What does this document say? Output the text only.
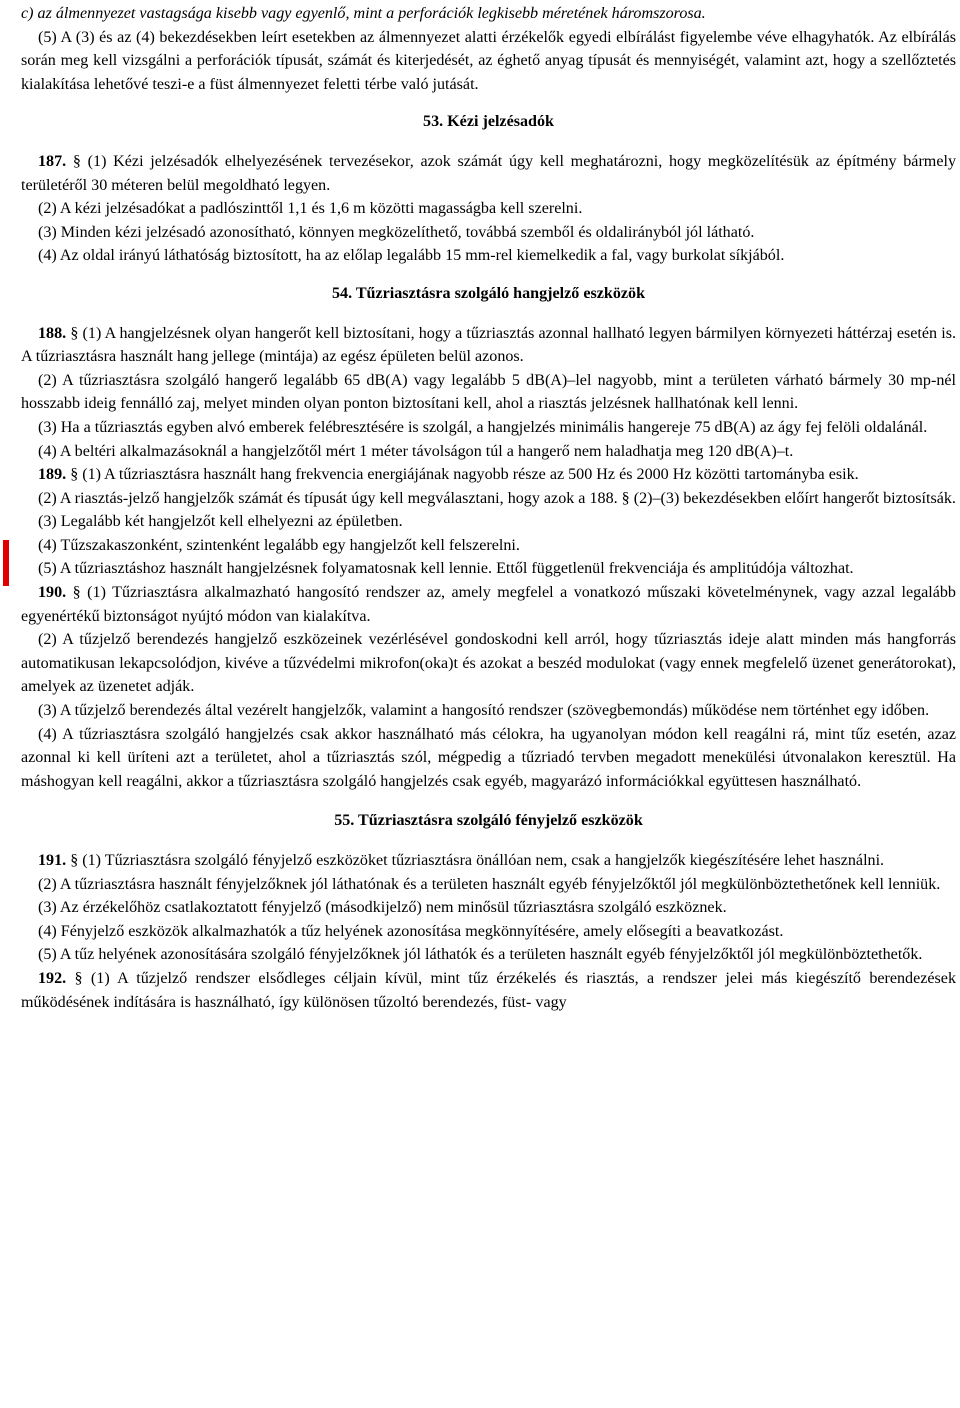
c) az álmennyezet vastagsága kisebb vagy egyenlő, mint a perforációk legkisebb méretének háromszorosa.

(5) A (3) és az (4) bekezdésekben leírt esetekben az álmennyezet alatti érzékelők egyedi elbírálást figyelembe véve elhagyhatók. Az elbírálás során meg kell vizsgálni a perforációk típusát, számát és kiterjedését, az éghető anyag típusát és mennyiségét, valamint azt, hogy a szellőztetés kialakítása lehetővé teszi-e a füst álmennyezet feletti térbe való jutását.

53. Kézi jelzésadók

187. § (1) Kézi jelzésadók elhelyezésének tervezésekor, azok számát úgy kell meghatározni, hogy megközelítésük az építmény bármely területéről 30 méteren belül megoldható legyen.

(2) A kézi jelzésadókat a padlószinttől 1,1 és 1,6 m közötti magasságba kell szerelni.

(3) Minden kézi jelzésadó azonosítható, könnyen megközelíthető, továbbá szemből és oldalirányból jól látható.

(4) Az oldal irányú láthatóság biztosított, ha az előlap legalább 15 mm-rel kiemelkedik a fal, vagy burkolat síkjából.

54. Tűzriasztásra szolgáló hangjelző eszközök

188. § (1) A hangjelzésnek olyan hangerőt kell biztosítani, hogy a tűzriasztás azonnal hallható legyen bármilyen környezeti háttérzaj esetén is. A tűzriasztásra használt hang jellege (mintája) az egész épületen belül azonos.

(2) A tűzriasztásra szolgáló hangerő legalább 65 dB(A) vagy legalább 5 dB(A)–lel nagyobb, mint a területen várható bármely 30 mp-nél hosszabb ideig fennálló zaj, melyet minden olyan ponton biztosítani kell, ahol a riasztás jelzésnek hallhatónak kell lenni.

(3) Ha a tűzriasztás egyben alvó emberek felébresztésére is szolgál, a hangjelzés minimális hangereje 75 dB(A) az ágy fej felöli oldalánál.

(4) A beltéri alkalmazásoknál a hangjelzőtől mért 1 méter távolságon túl a hangerő nem haladhatja meg 120 dB(A)–t.

189. § (1) A tűzriasztásra használt hang frekvencia energiájának nagyobb része az 500 Hz és 2000 Hz közötti tartományba esik.

(2) A riasztás-jelző hangjelzők számát és típusát úgy kell megválasztani, hogy azok a 188. § (2)–(3) bekezdésekben előírt hangerőt biztosítsák.

(3) Legalább két hangjelzőt kell elhelyezni az épületben.

(4) Tűzszakaszonként, szintenként legalább egy hangjelzőt kell felszerelni.

(5) A tűzriasztáshoz használt hangjelzésnek folyamatosnak kell lennie. Ettől függetlenül frekvenciája és amplitúdója változhat.

190. § (1) Tűzriasztásra alkalmazható hangosító rendszer az, amely megfelel a vonatkozó műszaki követelménynek, vagy azzal legalább egyenértékű biztonságot nyújtó módon van kialakítva.

(2) A tűzjelző berendezés hangjelző eszközeinek vezérlésével gondoskodni kell arról, hogy tűzriasztás ideje alatt minden más hangforrás automatikusan lekapcsolódjon, kivéve a tűzvédelmi mikrofon(oka)t és azokat a beszéd modulokat (vagy ennek megfelelő üzenet generátorokat), amelyek az üzenetet adják.

(3) A tűzjelző berendezés által vezérelt hangjelzők, valamint a hangosító rendszer (szövegbemondás) működése nem történhet egy időben.

(4) A tűzriasztásra szolgáló hangjelzés csak akkor használható más célokra, ha ugyanolyan módon kell reagálni rá, mint tűz esetén, azaz azonnal ki kell üríteni azt a területet, ahol a tűzriasztás szól, mégpedig a tűzriadó tervben megadott menekülési útvonalakon keresztül. Ha máshogyan kell reagálni, akkor a tűzriasztásra szolgáló hangjelzés csak egyéb, magyarázó információkkal együttesen használható.

55. Tűzriasztásra szolgáló fényjelző eszközök

191. § (1) Tűzriasztásra szolgáló fényjelző eszközöket tűzriasztásra önállóan nem, csak a hangjelzők kiegészítésére lehet használni.

(2) A tűzriasztásra használt fényjelzőknek jól láthatónak és a területen használt egyéb fényjelzőktől jól megkülönböztethetőnek kell lenniük.

(3) Az érzékelőhöz csatlakoztatott fényjelző (másodkijelző) nem minősül tűzriasztásra szolgáló eszköznek.

(4) Fényjelző eszközök alkalmazhatók a tűz helyének azonosítása megkönnyítésére, amely elősegíti a beavatkozást.

(5) A tűz helyének azonosítására szolgáló fényjelzőknek jól láthatók és a területen használt egyéb fényjelzőktől jól megkülönböztethetők.

192. § (1) A tűzjelző rendszer elsődleges céljain kívül, mint tűz érzékelés és riasztás, a rendszer jelei más kiegészítő berendezések működésének indítására is használható, így különösen tűzoltó berendezés, füst- vagy
